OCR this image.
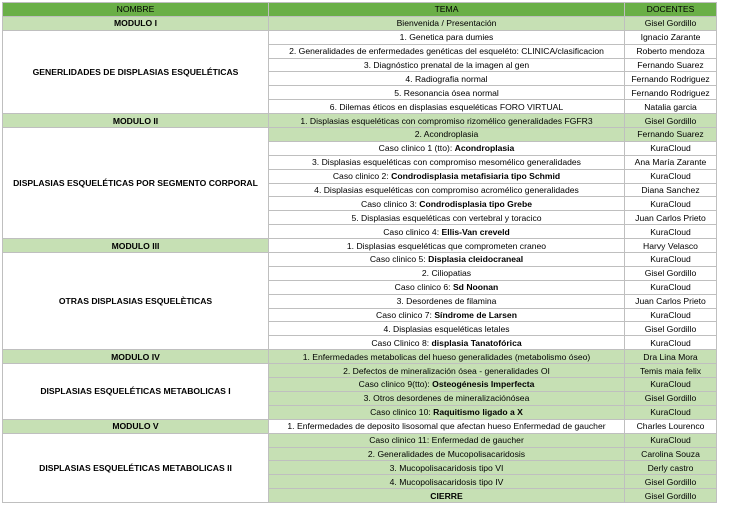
NOMBRE	TEMA	DOCENTES
MODULO I	Bienvenida / Presentación	Gisel Gordillo
GENERLIDADES DE DISPLASIAS ESQUELÉTICAS	1. Genetica para dumies	Ignacio Zarante
	2. Generalidades de enfermedades genéticas del esqueléto: CLINICA/clasificacion	Roberto mendoza
	3. Diagnóstico prenatal de la imagen al gen	Fernando Suarez
	4. Radiografia normal	Fernando Rodriguez
	5. Resonancia ósea normal	Fernando Rodriguez
	6. Dilemas éticos en displasias esqueléticas FORO VIRTUAL	Natalia garcia
MODULO II	1. Displasias esqueléticas con compromiso rizomélico generalidades FGFR3	Gisel Gordillo
DISPLASIAS ESQUELÉTICAS POR SEGMENTO CORPORAL	2. Acondroplasia	Fernando Suarez
	Caso clinico 1 (tto): Acondroplasia	KuraCloud
	3. Displasias esqueléticas con compromiso mesomélico generalidades	Ana María Zarante
	Caso clinico 2: Condrodisplasia metafisiaria tipo Schmid	KuraCloud
	4. Displasias esqueléticas con compromiso acromélico generalidades	Diana Sanchez
	Caso clinico 3: Condrodisplasia tipo Grebe	KuraCloud
	5. Displasias esqueléticas con vertebral y toracico	Juan Carlos Prieto
	Caso clinico 4: Ellis-Van creveld	KuraCloud
MODULO III	1. Displasias esqueléticas que comprometen craneo	Harvy Velasco
OTRAS DISPLASIAS ESQUELÈTICAS	Caso clinico 5: Displasia cleidocraneal	KuraCloud
	2. Ciliopatias	Gisel Gordillo
	Caso clinico 6: Sd Noonan	KuraCloud
	3. Desordenes de filamina	Juan Carlos Prieto
	Caso clinico 7: Síndrome de Larsen	KuraCloud
	4. Displasias esqueléticas letales	Gisel Gordillo
	Caso Clinico 8: displasia Tanatofórica	KuraCloud
MODULO IV	1. Enfermedades metabolicas del hueso generalidades (metabolismo óseo)	Dra Lina Mora
DISPLASIAS ESQUELÉTICAS METABOLICAS I	2. Defectos de mineralización ósea - generalidades OI	Temis maia felix
	Caso clinico 9(tto): Osteogénesis Imperfecta	KuraCloud
	3. Otros desordenes de mineralizaciónósea	Gisel Gordillo
	Caso clinico 10: Raquitismo ligado a X	KuraCloud
MODULO V	1. Enfermedades de deposito lisosomal que afectan hueso Enfermedad de gaucher	Charles Lourenco
DISPLASIAS ESQUELÉTICAS METABOLICAS II	Caso clinico 11: Enfermedad de gaucher	KuraCloud
	2. Generalidades de Mucopolisacaridosis	Carolina Souza
	3. Mucopolisacaridosis tipo VI	Derly castro
	4. Mucopolisacaridosis tipo IV	Gisel Gordillo
	CIERRE	Gisel Gordillo
